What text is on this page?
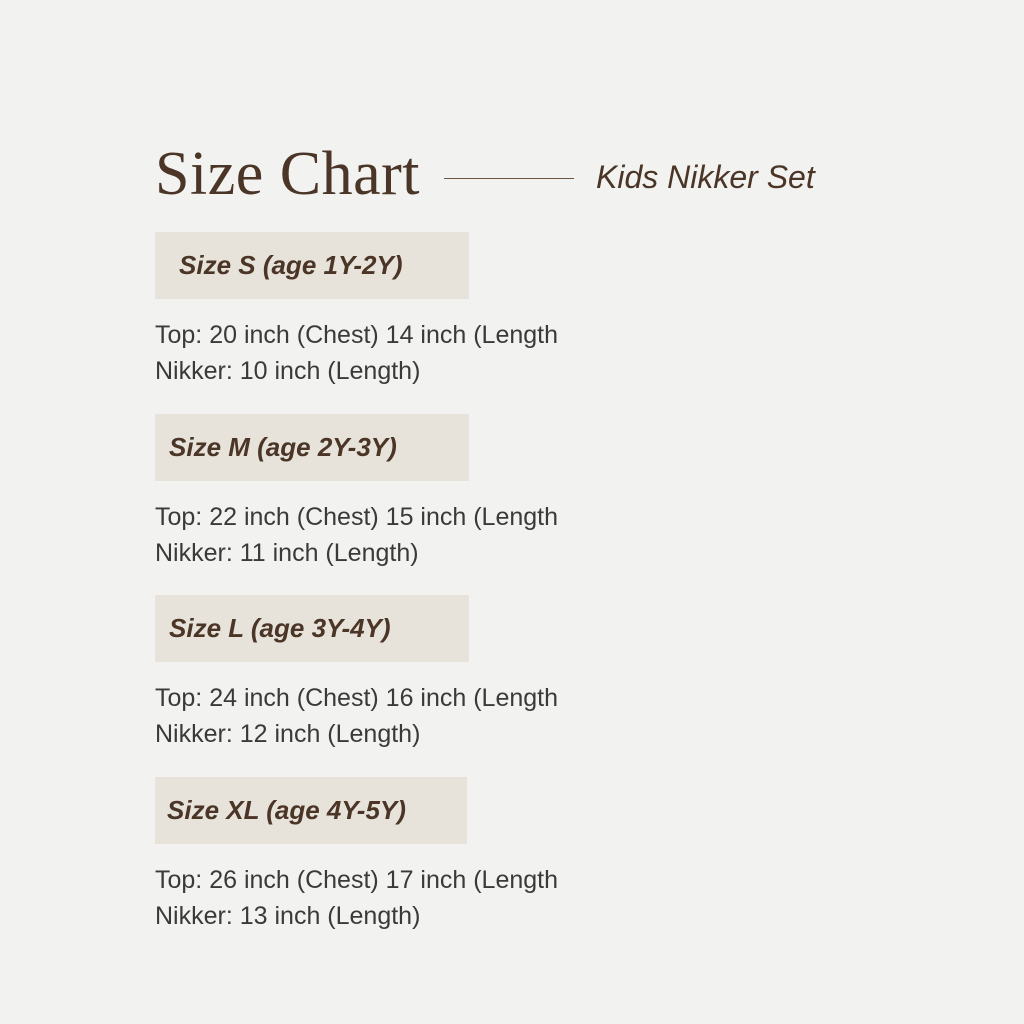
Size Chart	Kids Nikker Set
Size S (age 1Y-2Y)
Top: 20 inch (Chest) 14 inch (Length
Nikker: 10 inch (Length)
Size M (age 2Y-3Y)
Top: 22 inch (Chest) 15 inch (Length
Nikker: 11 inch (Length)
Size L (age 3Y-4Y)
Top: 24 inch (Chest) 16 inch (Length
Nikker: 12 inch (Length)
Size XL (age 4Y-5Y)
Top: 26 inch (Chest) 17 inch (Length
Nikker: 13 inch (Length)
